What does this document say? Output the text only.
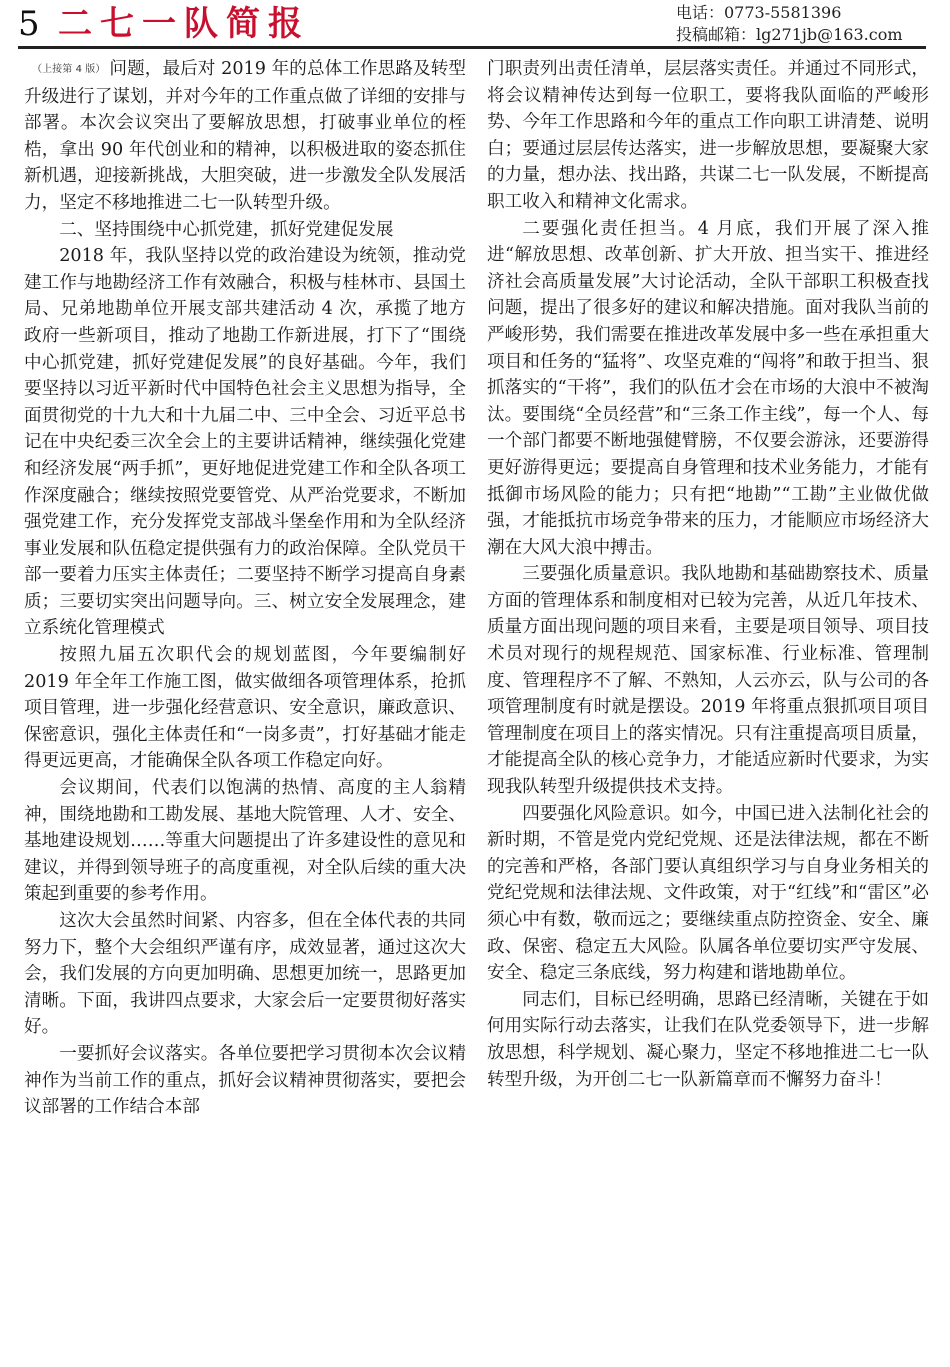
5 二七一队简报	电话：0773-5581396
投稿邮箱：lg271jb@163.com

（上接第 4 版） 问题，最后对 2019 年的总体工作思路及转型升级进行了谋划，并对今年的工作重点做了详细的安排与部署。本次会议突出了要解放思想，打破事业单位的桎梏，拿出 90 年代创业和的精神，以积极进取的姿态抓住新机遇，迎接新挑战，大胆突破，进一步激发全队发展活力，坚定不移地推进二七一队转型升级。

二、坚持围绕中心抓党建，抓好党建促发展

2018 年，我队坚持以党的政治建设为统领，推动党建工作与地勘经济工作有效融合，积极与桂林市、县国土局、兄弟地勘单位开展支部共建活动 4 次，承揽了地方政府一些新项目，推动了地勘工作新进展，打下了“围绕中心抓党建，抓好党建促发展”的良好基础。今年，我们要坚持以习近平新时代中国特色社会主义思想为指导，全面贯彻党的十九大和十九届二中、三中全会、习近平总书记在中央纪委三次全会上的主要讲话精神，继续强化党建和经济发展“两手抓”，更好地促进党建工作和全队各项工作深度融合；继续按照党要管党、从严治党要求，不断加强党建工作，充分发挥党支部战斗堡垒作用和为全队经济事业发展和队伍稳定提供强有力的政治保障。全队党员干部一要着力压实主体责任；二要坚持不断学习提高自身素质；三要切实突出问题导向。三、树立安全发展理念，建立系统化管理模式

按照九届五次职代会的规划蓝图，今年要编制好 2019 年全年工作施工图，做实做细各项管理体系，抢抓项目管理，进一步强化经营意识、安全意识，廉政意识、保密意识，强化主体责任和“一岗多责”，打好基础才能走得更远更高，才能确保全队各项工作稳定向好。

会议期间，代表们以饱满的热情、高度的主人翁精神，围绕地勘和工勘发展、基地大院管理、人才、安全、基地建设规划……等重大问题提出了许多建设性的意见和建议，并得到领导班子的高度重视，对全队后续的重大决策起到重要的参考作用。

这次大会虽然时间紧、内容多，但在全体代表的共同努力下，整个大会组织严谨有序，成效显著，通过这次大会，我们发展的方向更加明确、思想更加统一，思路更加清晰。下面，我讲四点要求，大家会后一定要贯彻好落实好。

一要抓好会议落实。各单位要把学习贯彻本次会议精神作为当前工作的重点，抓好会议精神贯彻落实，要把会议部署的工作结合本部

门职责列出责任清单，层层落实责任。并通过不同形式，将会议精神传达到每一位职工，要将我队面临的严峻形势、今年工作思路和今年的重点工作向职工讲清楚、说明白；要通过层层传达落实，进一步解放思想，要凝聚大家的力量，想办法、找出路，共谋二七一队发展，不断提高职工收入和精神文化需求。

二要强化责任担当。4 月底，我们开展了深入推进“解放思想、改革创新、扩大开放、担当实干、推进经济社会高质量发展”大讨论活动，全队干部职工积极查找问题，提出了很多好的建议和解决措施。面对我队当前的严峻形势，我们需要在推进改革发展中多一些在承担重大项目和任务的“猛将”、攻坚克难的“闯将”和敢于担当、狠抓落实的“干将”，我们的队伍才会在市场的大浪中不被淘汰。要围绕“全员经营”和“三条工作主线”，每一个人、每一个部门都要不断地强健臂膀，不仅要会游泳，还要游得更好游得更远；要提高自身管理和技术业务能力，才能有抵御市场风险的能力；只有把“地勘”“工勘”主业做优做强，才能抵抗市场竞争带来的压力，才能顺应市场经济大潮在大风大浪中搏击。

三要强化质量意识。我队地勘和基础勘察技术、质量方面的管理体系和制度相对已较为完善，从近几年技术、质量方面出现问题的项目来看，主要是项目领导、项目技术员对现行的规程规范、国家标准、行业标准、管理制度、管理程序不了解、不熟知，人云亦云，队与公司的各项管理制度有时就是摆设。2019 年将重点狠抓项目项目管理制度在项目上的落实情况。只有注重提高项目质量，才能提高全队的核心竞争力，才能适应新时代要求，为实现我队转型升级提供技术支持。

四要强化风险意识。如今，中国已进入法制化社会的新时期，不管是党内党纪党规、还是法律法规，都在不断的完善和严格，各部门要认真组织学习与自身业务相关的党纪党规和法律法规、文件政策，对于“红线”和“雷区”必须心中有数，敬而远之；要继续重点防控资金、安全、廉政、保密、稳定五大风险。队属各单位要切实严守发展、安全、稳定三条底线，努力构建和谐地勘单位。

同志们，目标已经明确，思路已经清晰，关键在于如何用实际行动去落实，让我们在队党委领导下，进一步解放思想，科学规划、凝心聚力，坚定不移地推进二七一队转型升级，为开创二七一队新篇章而不懈努力奋斗！
